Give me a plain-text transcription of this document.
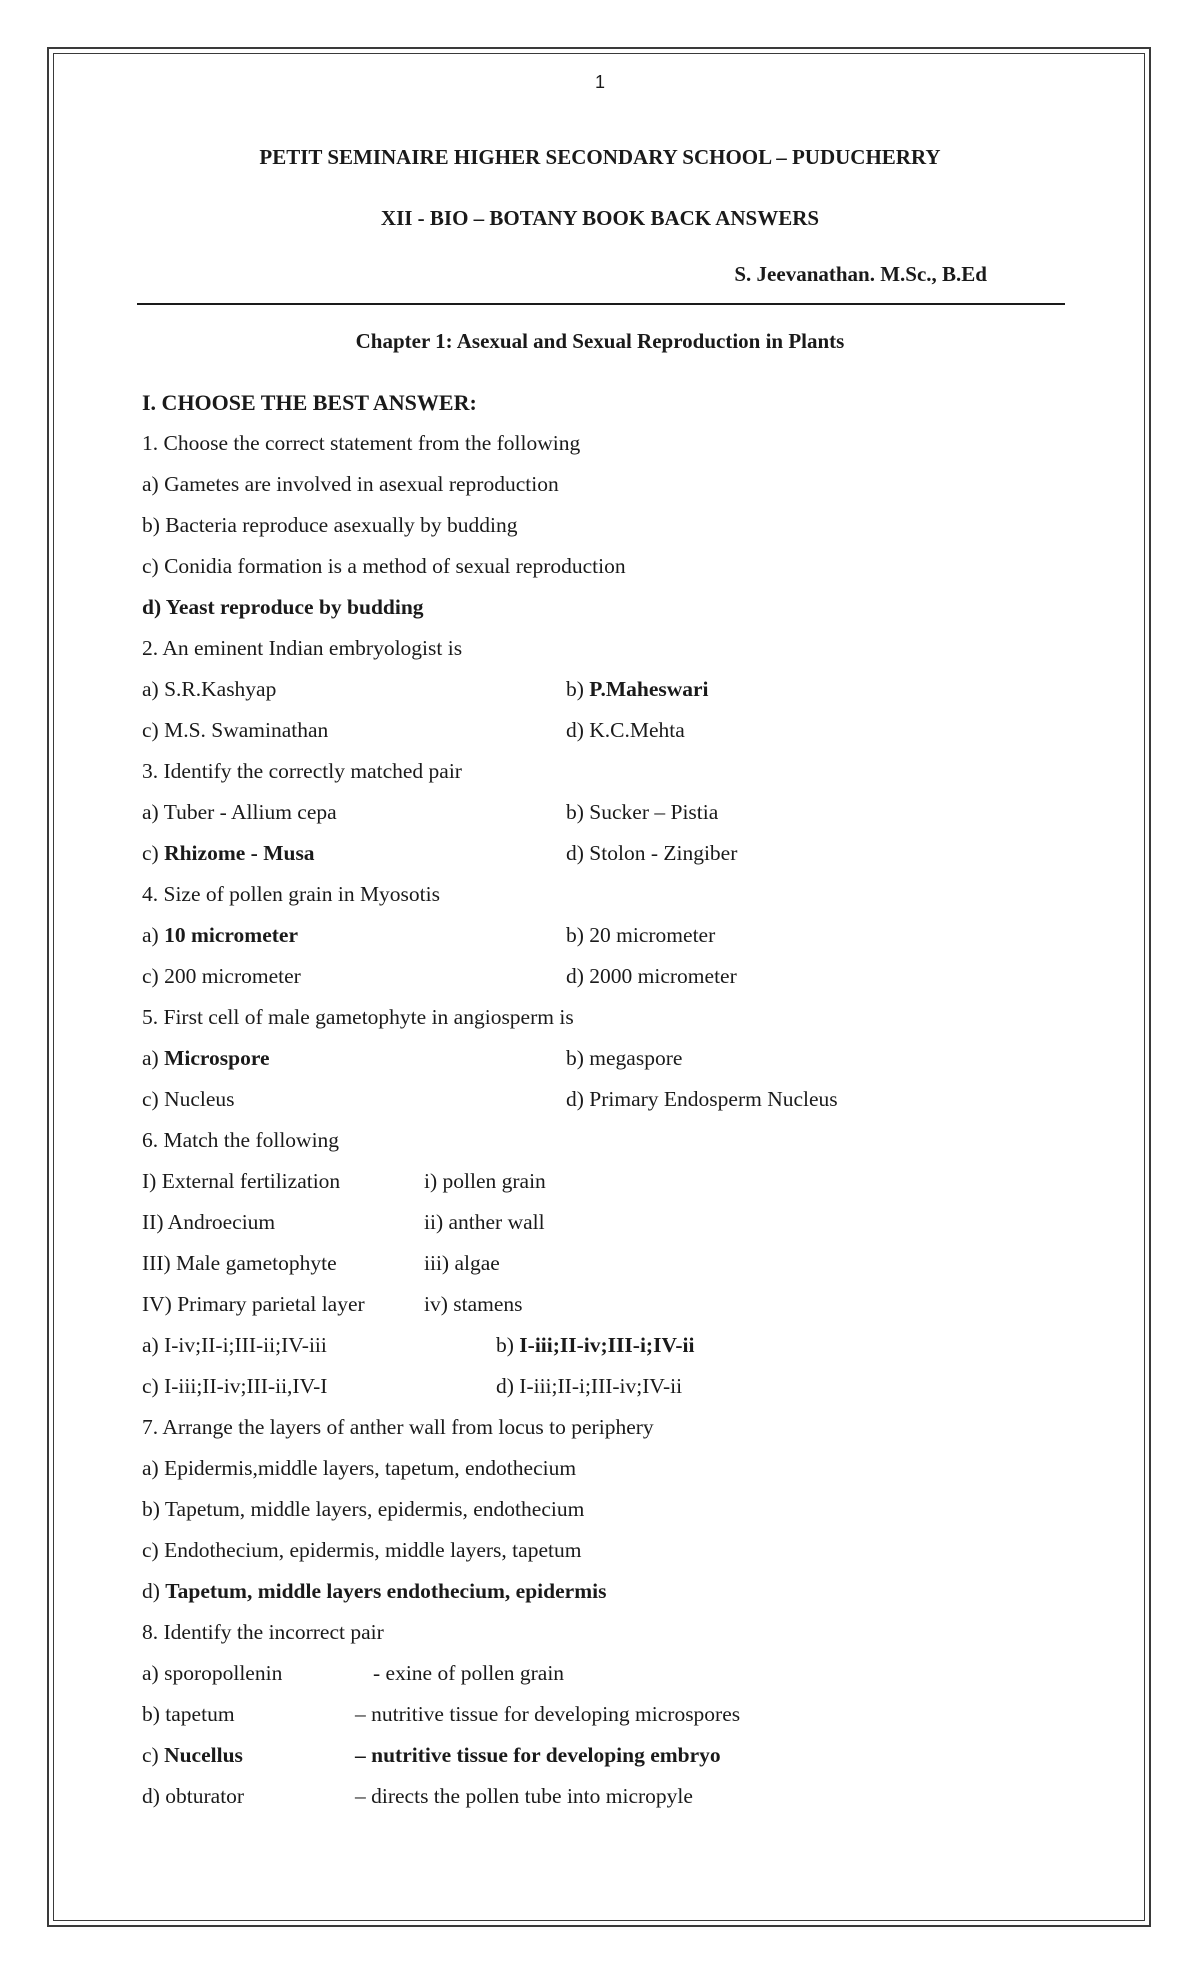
1
PETIT SEMINAIRE HIGHER SECONDARY SCHOOL – PUDUCHERRY
XII - BIO – BOTANY BOOK BACK ANSWERS
S. Jeevanathan. M.Sc., B.Ed
Chapter 1: Asexual and Sexual Reproduction in Plants
I. CHOOSE THE BEST ANSWER:
1. Choose the correct statement from the following
a) Gametes are involved in asexual reproduction
b) Bacteria reproduce asexually by budding
c) Conidia formation is a method of sexual reproduction
d) Yeast reproduce by budding
2. An eminent Indian embryologist is
a) S.R.Kashyap	b) P.Maheswari
c) M.S. Swaminathan	d) K.C.Mehta
3. Identify the correctly matched pair
a) Tuber - Allium cepa	b) Sucker – Pistia
c) Rhizome - Musa	d) Stolon - Zingiber
4. Size of pollen grain in Myosotis
a) 10 micrometer	b) 20 micrometer
c) 200 micrometer	d) 2000 micrometer
5. First cell of male gametophyte in angiosperm is
a) Microspore	b) megaspore
c) Nucleus	d) Primary Endosperm Nucleus
6. Match the following
I) External fertilization	i) pollen grain
II) Androecium	ii) anther wall
III) Male gametophyte	iii) algae
IV) Primary parietal layer	iv) stamens
a) I-iv;II-i;III-ii;IV-iii	b) I-iii;II-iv;III-i;IV-ii
c) I-iii;II-iv;III-ii,IV-I	d) I-iii;II-i;III-iv;IV-ii
7. Arrange the layers of anther wall from locus to periphery
a) Epidermis,middle layers, tapetum, endothecium
b) Tapetum, middle layers, epidermis, endothecium
c) Endothecium, epidermis, middle layers, tapetum
d) Tapetum, middle layers endothecium, epidermis
8. Identify the incorrect pair
a) sporopollenin	- exine of pollen grain
b) tapetum	– nutritive tissue for developing microspores
c) Nucellus	– nutritive tissue for developing embryo
d) obturator	– directs the pollen tube into micropyle
